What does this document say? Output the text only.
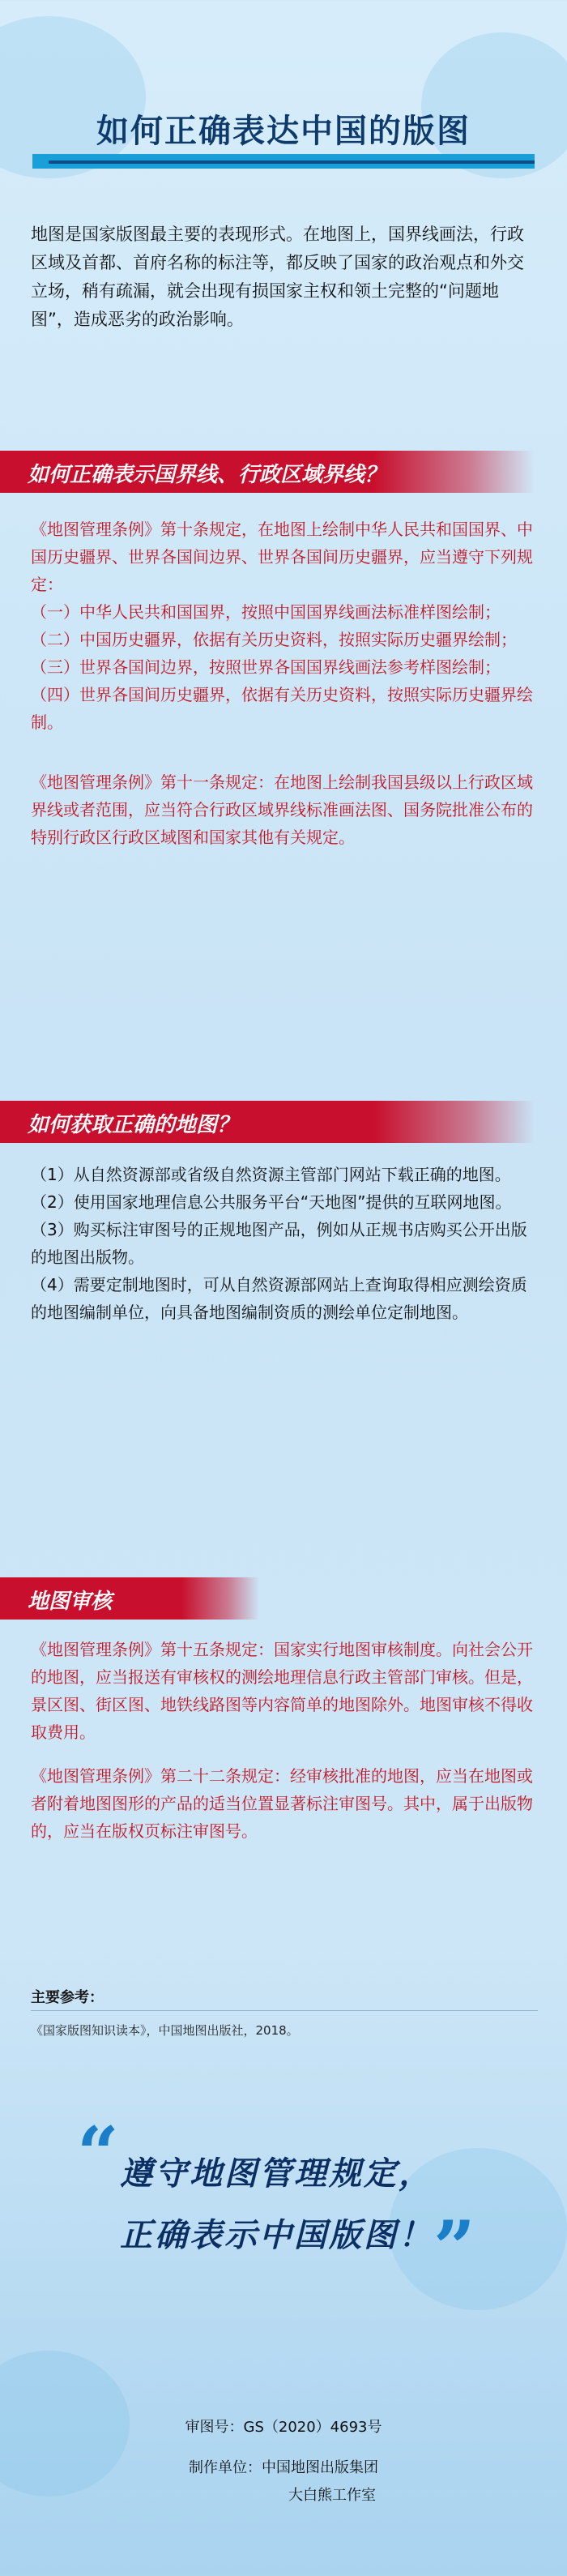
如何正确表达中国的版图
地图是国家版图最主要的表现形式。在地图上，国界线画法，行政区域及首都、首府名称的标注等，都反映了国家的政治观点和外交立场，稍有疏漏，就会出现有损国家主权和领土完整的“问题地图”，造成恶劣的政治影响。
如何正确表示国界线、行政区域界线？
《地图管理条例》第十条规定，在地图上绘制中华人民共和国国界、中国历史疆界、世界各国间边界、世界各国间历史疆界，应当遵守下列规定：
（一）中华人民共和国国界，按照中国国界线画法标准样图绘制；
（二）中国历史疆界，依据有关历史资料，按照实际历史疆界绘制；
（三）世界各国间边界，按照世界各国国界线画法参考样图绘制；
（四）世界各国间历史疆界，依据有关历史资料，按照实际历史疆界绘制。
《地图管理条例》第十一条规定：在地图上绘制我国县级以上行政区域界线或者范围，应当符合行政区域界线标准画法图、国务院批准公布的特别行政区行政区域图和国家其他有关规定。
如何获取正确的地图？
（1）从自然资源部或省级自然资源主管部门网站下载正确的地图。
（2）使用国家地理信息公共服务平台“天地图”提供的互联网地图。
（3）购买标注审图号的正规地图产品，例如从正规书店购买公开出版的地图出版物。
（4）需要定制地图时，可从自然资源部网站上查询取得相应测绘资质的地图编制单位，向具备地图编制资质的测绘单位定制地图。
地图审核
《地图管理条例》第十五条规定：国家实行地图审核制度。向社会公开的地图，应当报送有审核权的测绘地理信息行政主管部门审核。但是，景区图、街区图、地铁线路图等内容简单的地图除外。地图审核不得收取费用。
《地图管理条例》第二十二条规定：经审核批准的地图，应当在地图或者附着地图图形的产品的适当位置显著标注审图号。其中，属于出版物的，应当在版权页标注审图号。
主要参考：
《国家版图知识读本》，中国地图出版社，2018。
“ 遵守地图管理规定，
正确表示中国版图！ ”
审图号：GS（2020）4693号
制作单位：中国地图出版集团
大白熊工作室
